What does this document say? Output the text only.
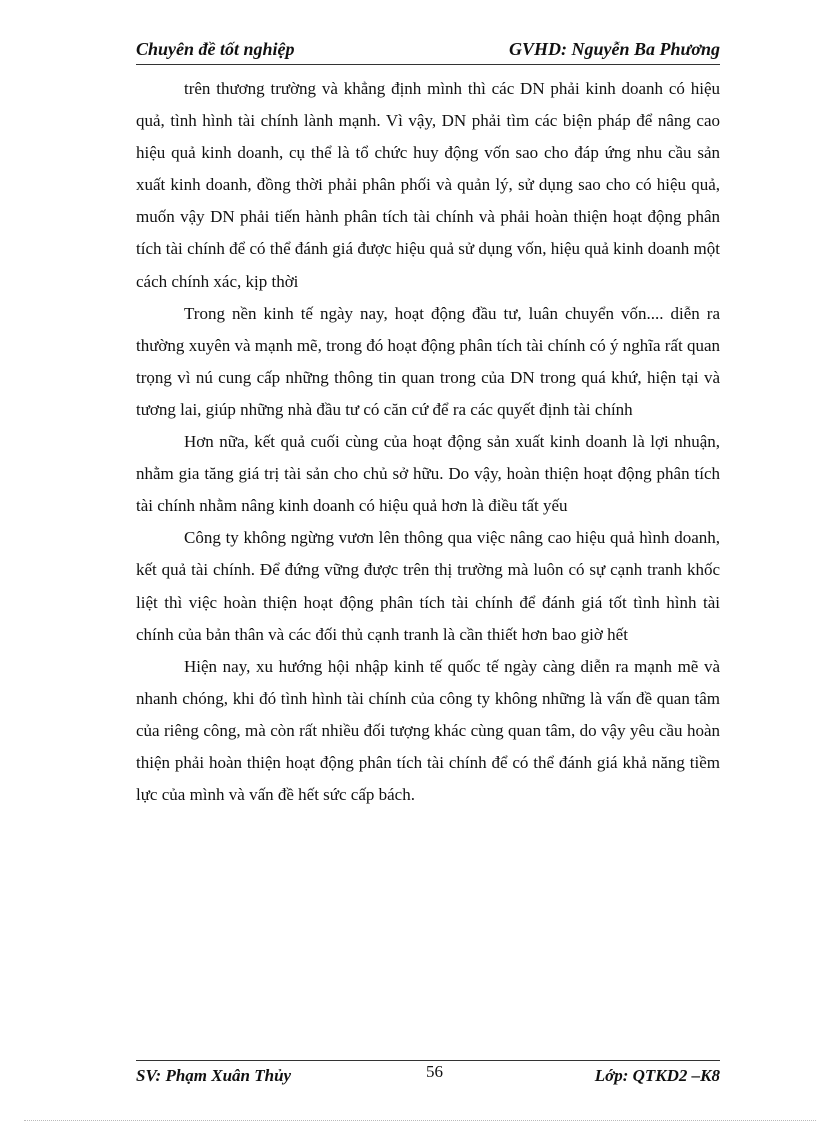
Chuyên đề tốt nghiệp	GVHD: Nguyễn Ba Phương

trên thương trường và khẳng định mình thì các DN phải kinh doanh có hiệu quả, tình hình tài chính lành mạnh. Vì vậy, DN phải tìm các biện pháp để nâng cao hiệu quả kinh doanh, cụ thể là tổ chức huy động vốn sao cho đáp ứng nhu cầu sản xuất kinh doanh, đồng thời phải phân phối và quản lý, sử dụng sao cho có hiệu quả, muốn vậy DN phải tiến hành phân tích tài chính và phải hoàn thiện hoạt động phân tích tài chính để có thể đánh giá được hiệu quả sử dụng vốn, hiệu quả kinh doanh một cách chính xác, kịp thời

Trong nền kinh tế ngày nay, hoạt động đầu tư, luân chuyển vốn.... diễn ra thường xuyên và mạnh mẽ, trong đó hoạt động phân tích tài chính có ý nghĩa rất quan trọng vì nú cung cấp những thông tin quan trong của DN trong quá khứ, hiện tại và tương lai, giúp những nhà đầu tư có căn cứ để ra các quyết định tài chính

Hơn nữa, kết quả cuối cùng của hoạt động sản xuất kinh doanh là lợi nhuận, nhằm gia tăng giá trị tài sản cho chủ sở hữu. Do vậy, hoàn thiện hoạt động phân tích tài chính nhằm nâng kinh doanh có hiệu quả hơn là điều tất yếu

Công ty không ngừng vươn lên thông qua việc nâng cao hiệu quả hình doanh, kết quả tài chính. Để đứng vững được trên thị trường mà luôn có sự cạnh tranh khốc liệt thì việc hoàn thiện hoạt động phân tích tài chính để đánh giá tốt tình hình tài chính của bản thân và các đối thủ cạnh tranh là cần thiết hơn bao giờ hết

Hiện nay, xu hướng hội nhập kinh tế quốc tế ngày càng diễn ra mạnh mẽ và nhanh chóng, khi đó tình hình tài chính của công ty không những là vấn đề quan tâm của riêng công, mà còn rất nhiều đối tượng khác cùng quan tâm, do vậy yêu cầu hoàn thiện phải hoàn thiện hoạt động phân tích tài chính để có thể đánh giá khả năng tiềm lực của mình và vấn đề hết sức cấp bách.

SV: Phạm Xuân Thủy	56	Lớp: QTKD2 –K8
